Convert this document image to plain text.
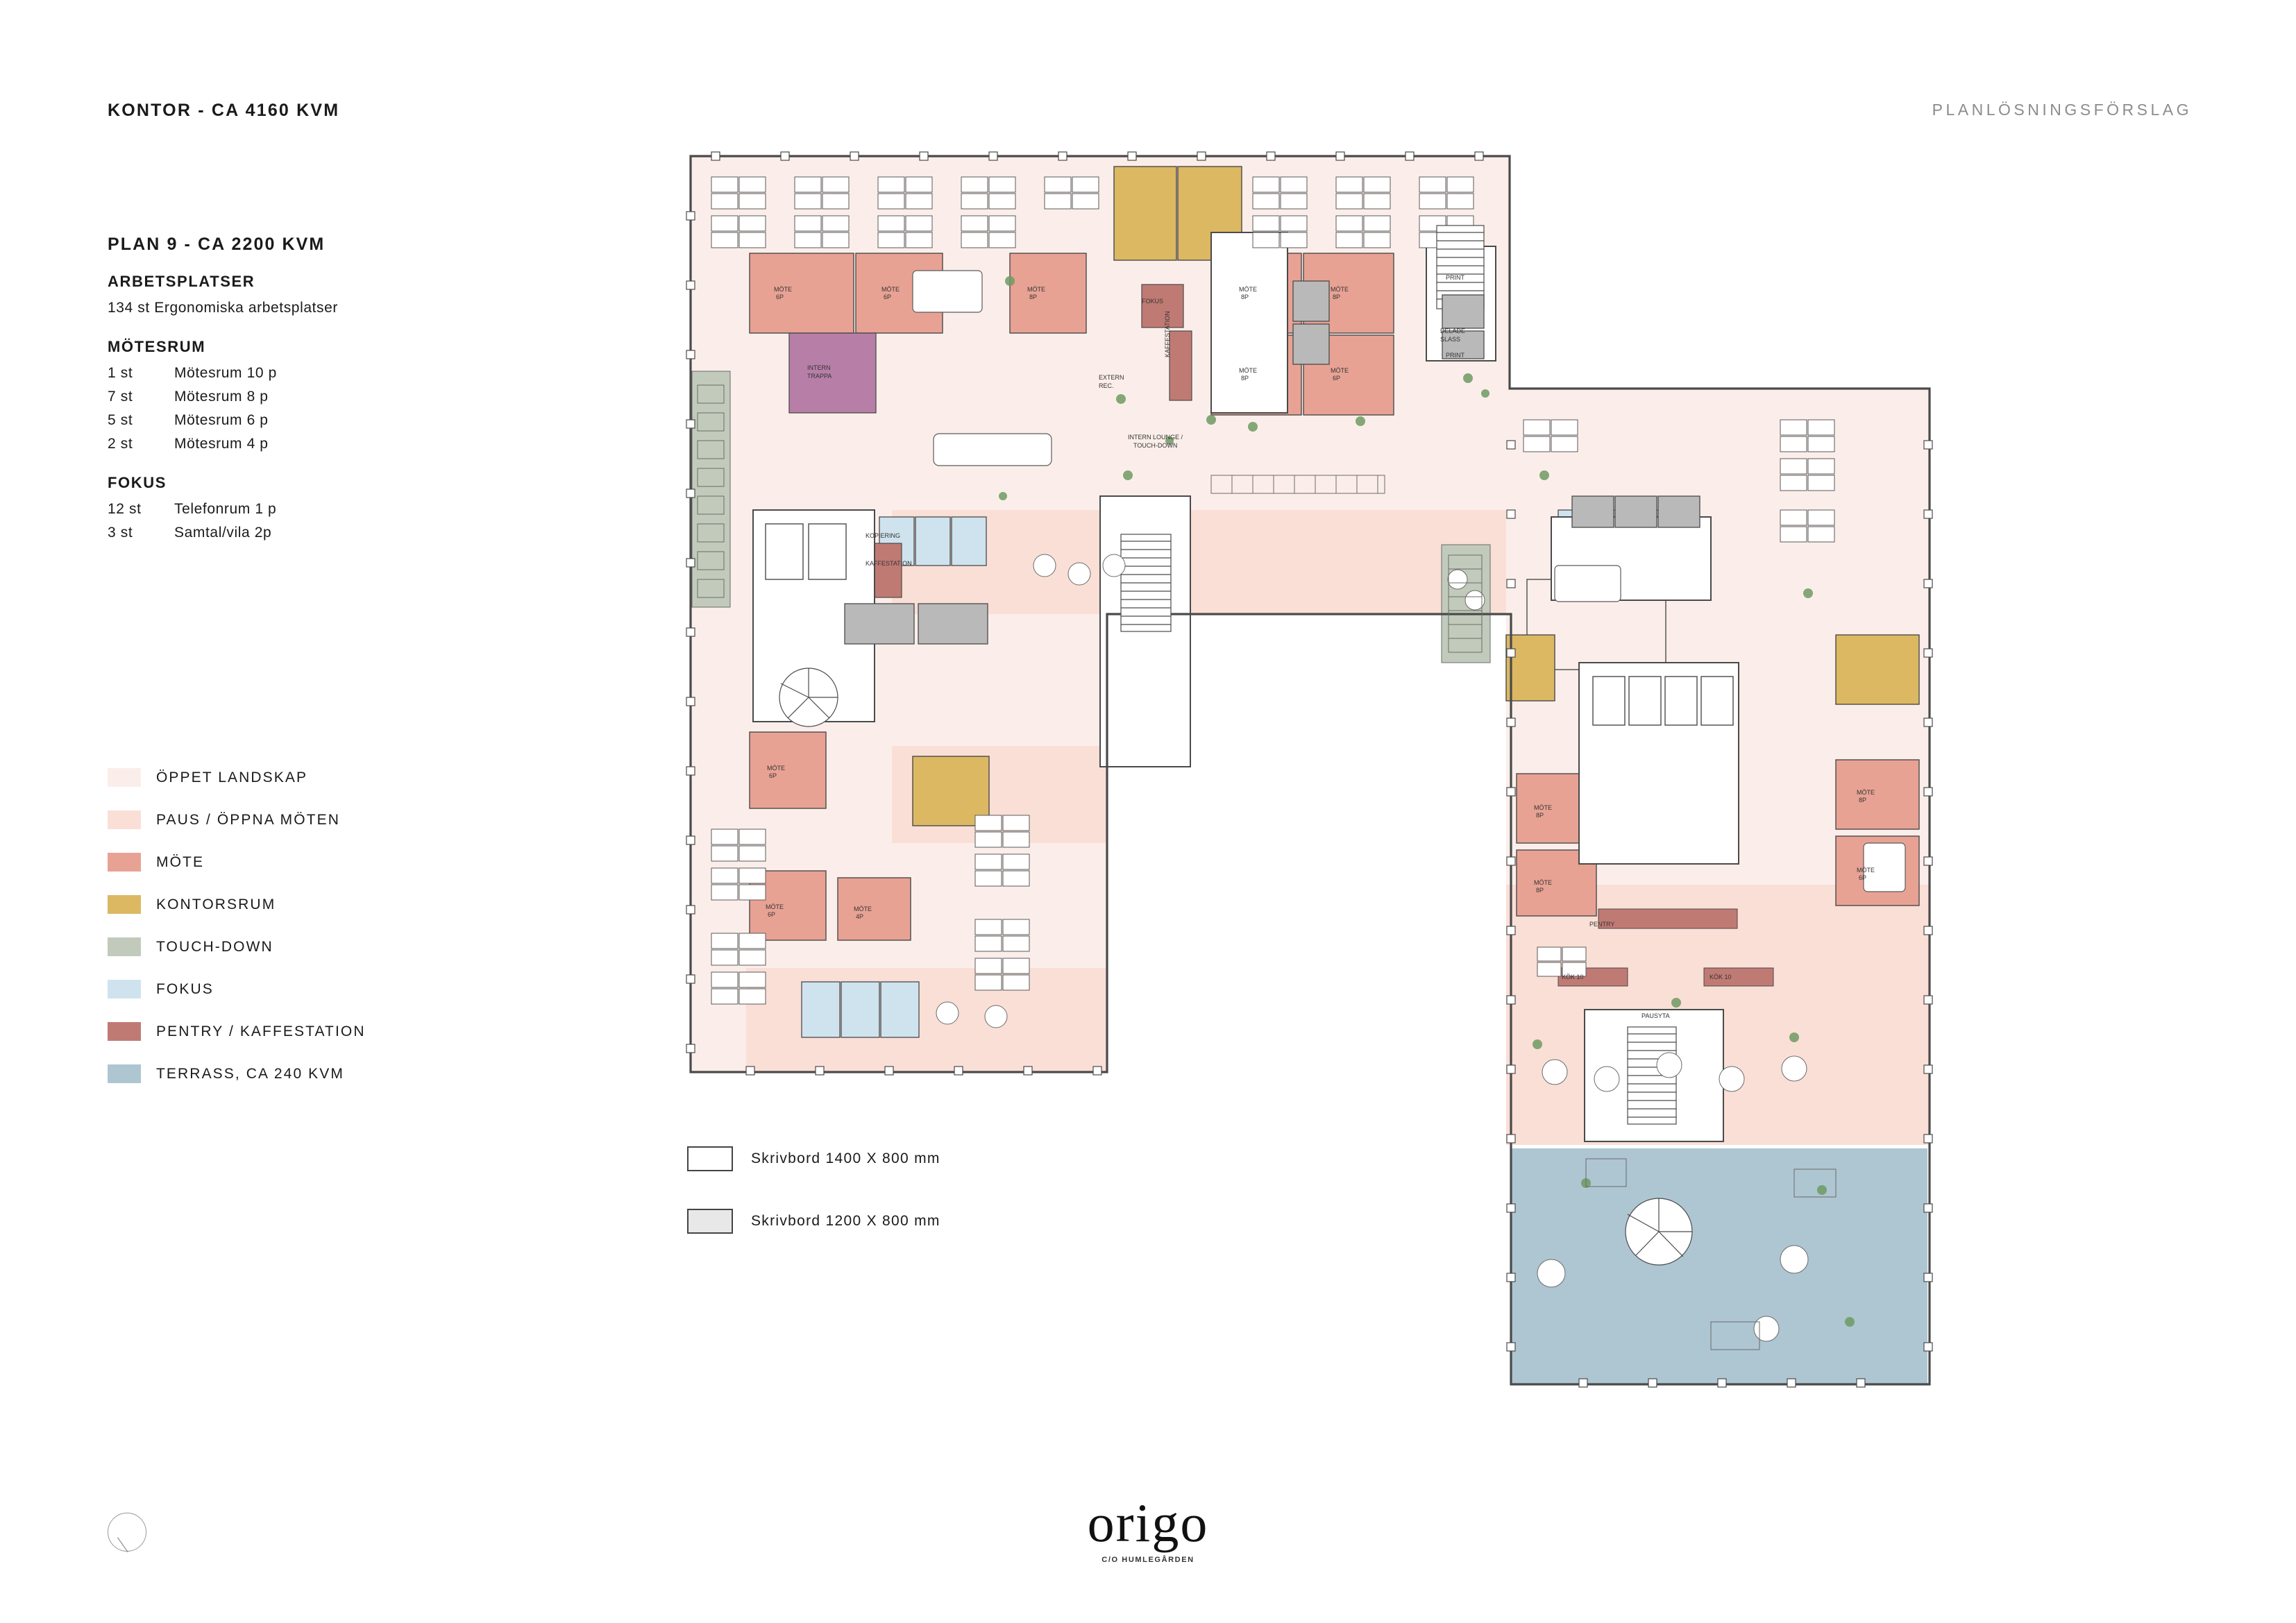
KONTOR - CA 4160 KVM	PLANLÖSNINGSFÖRSLAG
PLAN 9 - CA 2200 KVM
ARBETSPLATSER
134 st Ergonomiska arbetsplatser
MÖTESRUM
1 st	Mötesrum 10 p
7 st	Mötesrum 8 p
5 st	Mötesrum 6 p
2 st	Mötesrum 4 p
FOKUS
12 st Telefonrum 1 p
3 st	Samtal/vila 2p
ÖPPET LANDSKAP
PAUS / ÖPPNA MÖTEN
MÖTE
KONTORSRUM
TOUCH-DOWN
FOKUS
PENTRY / KAFFESTATION
TERRASS, CA 240 KVM
Skrivbord 1400 X 800 mm
Skrivbord 1200 X 800 mm
MÖTE
6P
MÖTE
6P
MÖTE
8P
MÖTE
8P
MÖTE
8P
MÖTE
8P
MÖTE
6P
MÖTE
6P
MÖTE
6P
MÖTE
4P
MÖTE
8P
MÖTE
8P
MÖTE
8P
MÖTE
6P
INTERN
TRAPPA	EXTERN
REC.
FOKUS
KAFFESTATION
INTERN LOUNGE /
TOUCH-DOWN
PRINT
PRINT
DELADE
SLASS
KOPIERING
KAFFESTATION
PENTRY
KÖK 10	KÖK 10
PAUSYTA
origo
C/O HUMLEGÅRDEN
